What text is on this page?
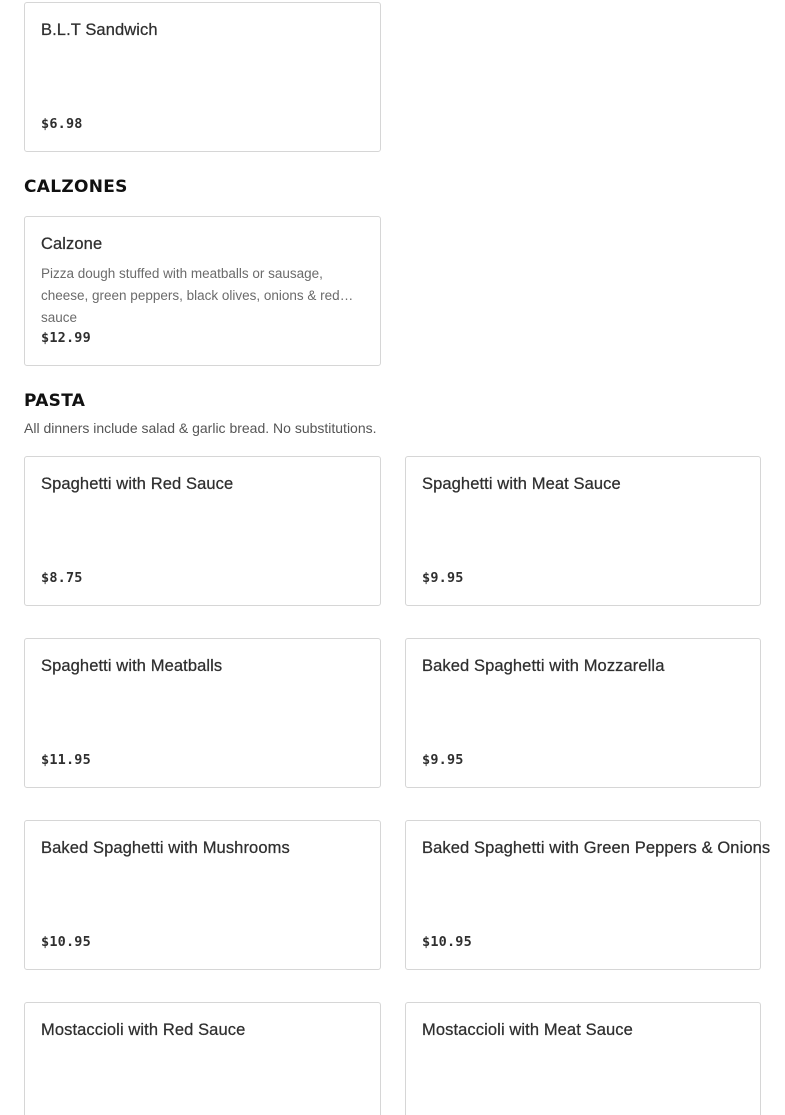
B.L.T Sandwich
$6.98
CALZONES
Calzone
Pizza dough stuffed with meatballs or sausage, cheese, green peppers, black olives, onions & red sauce
$12.99
PASTA
All dinners include salad & garlic bread. No substitutions.
Spaghetti with Red Sauce
$8.75
Spaghetti with Meat Sauce
$9.95
Spaghetti with Meatballs
$11.95
Baked Spaghetti with Mozzarella
$9.95
Baked Spaghetti with Mushrooms
$10.95
Baked Spaghetti with Green Peppers & Onions
$10.95
Mostaccioli with Red Sauce	Mostaccioli with Meat Sauce
